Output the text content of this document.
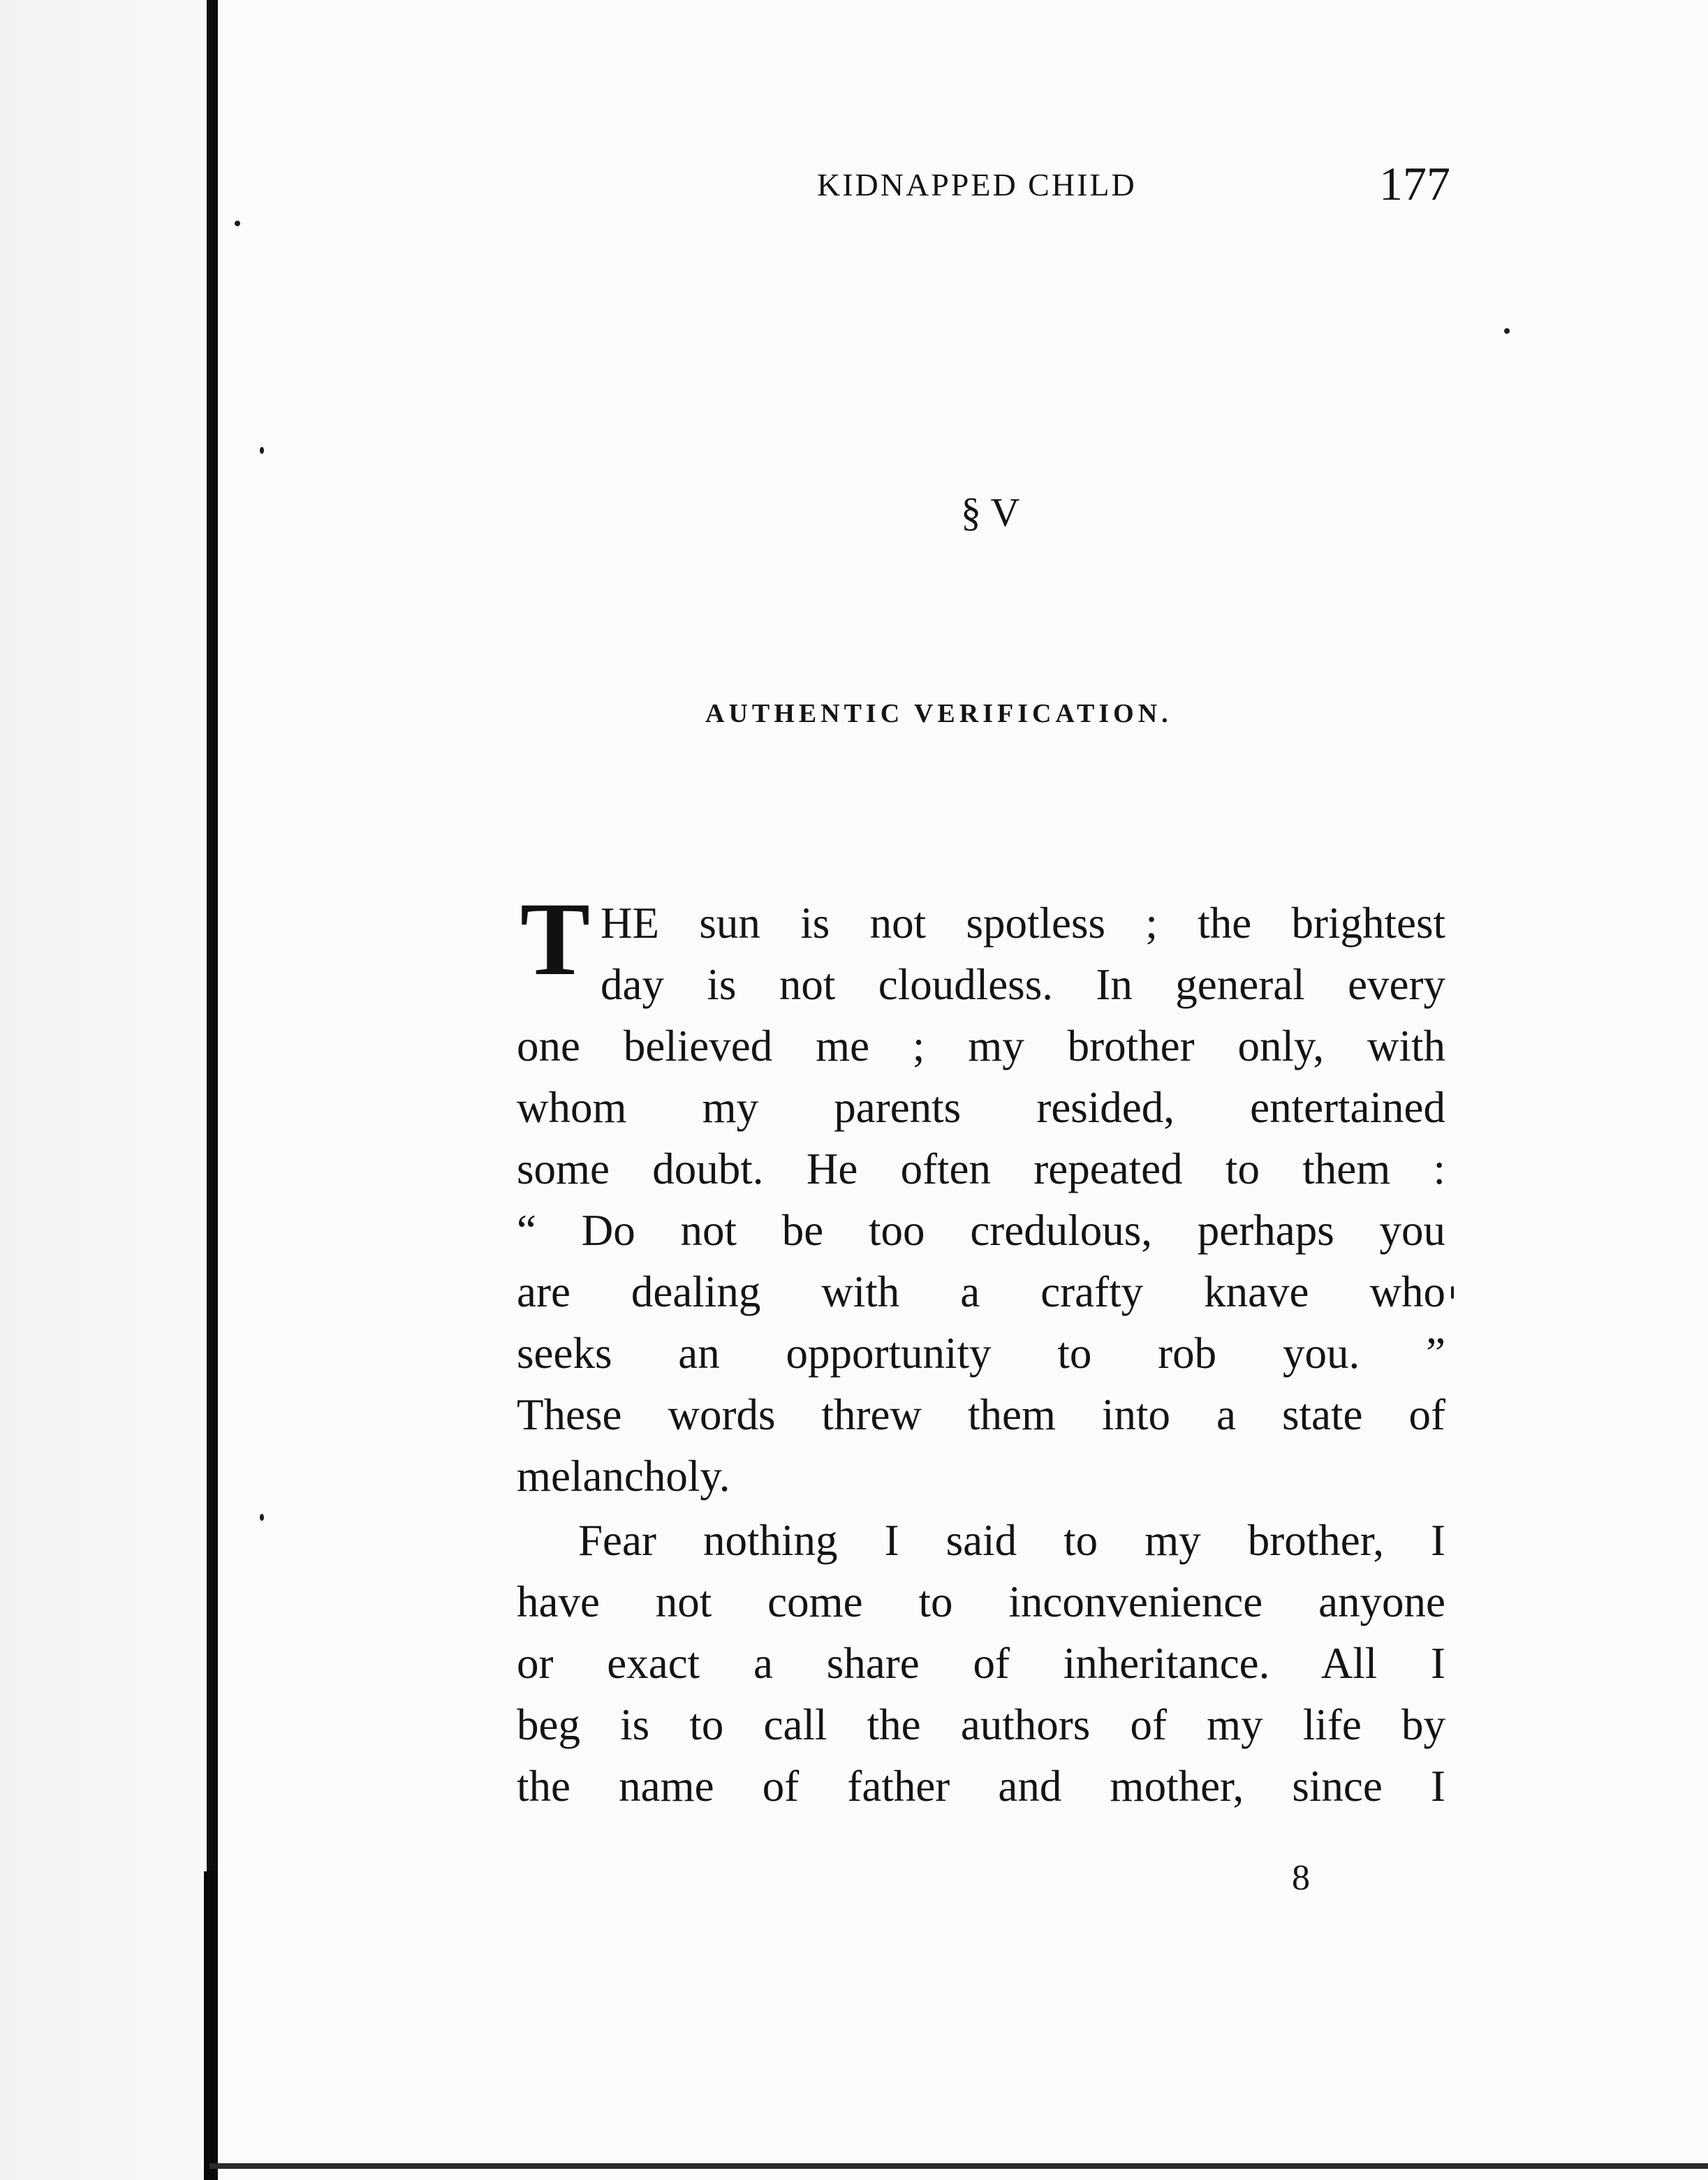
KIDNAPPED CHILD	177
§ V
AUTHENTIC VERIFICATION.
T HE sun is not spotless ; the brightest
day is not cloudless. In general every
one believed me ; my brother only, with
whom my parents resided, entertained
some doubt. He often repeated to them :
“ Do not be too credulous, perhaps you
are dealing with a crafty knave who
seeks an opportunity to rob you. ”
These words threw them into a state of
melancholy.
Fear nothing I said to my brother, I
have not come to inconvenience anyone
or exact a share of inheritance. All I
beg is to call the authors of my life by
the name of father and mother, since I
8
